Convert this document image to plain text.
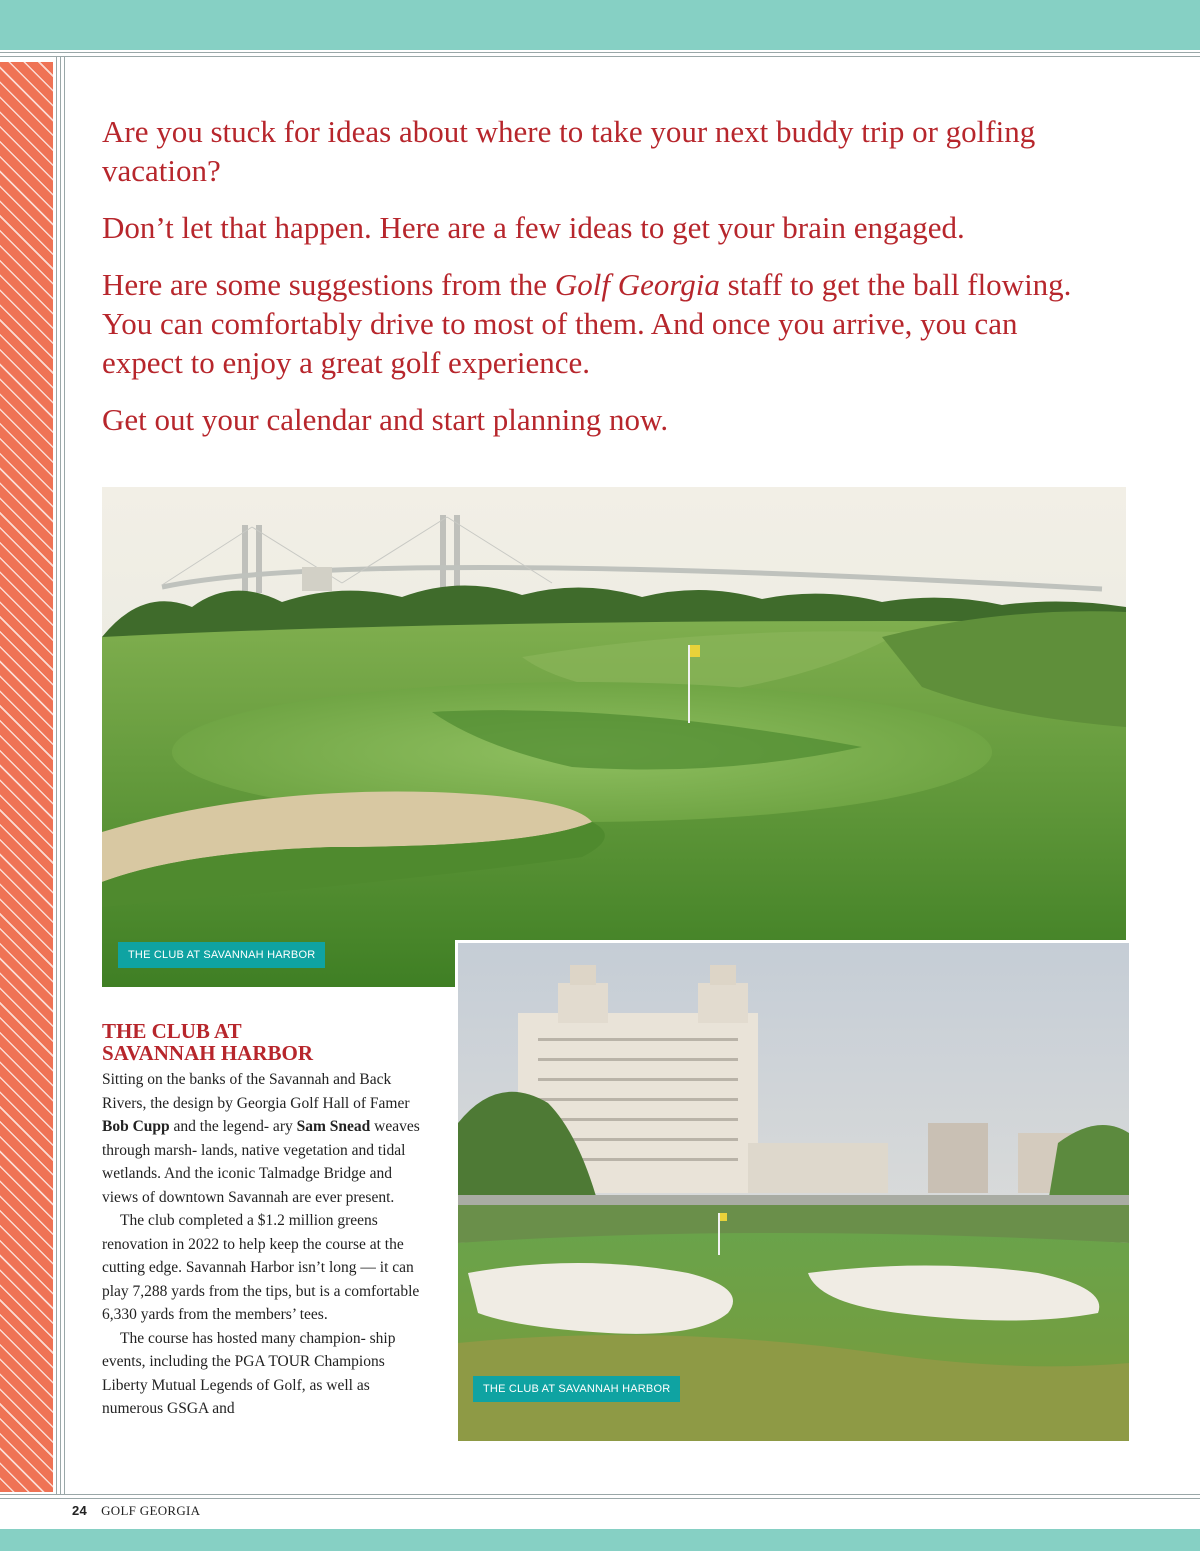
Are you stuck for ideas about where to take your next buddy trip or golfing vacation?

Don’t let that happen. Here are a few ideas to get your brain engaged.

Here are some suggestions from the Golf Georgia staff to get the ball flowing. You can comfortably drive to most of them. And once you arrive, you can expect to enjoy a great golf experience.

Get out your calendar and start planning now.

THE CLUB AT SAVANNAH HARBOR
THE CLUB AT SAVANNAH HARBOR
THE CLUB AT
SAVANNAH HARBOR

Sitting on the banks of the Savannah and Back Rivers, the design by Georgia Golf Hall of Famer Bob Cupp and the legend- ary Sam Snead weaves through marsh- lands, native vegetation and tidal wetlands. And the iconic Talmadge Bridge and views of downtown Savannah are ever present.

The club completed a $1.2 million greens renovation in 2022 to help keep the course at the cutting edge. Savannah Harbor isn’t long — it can play 7,288 yards from the tips, but is a comfortable 6,330 yards from the members’ tees.

The course has hosted many champion- ship events, including the PGA TOUR Champions Liberty Mutual Legends of Golf, as well as numerous GSGA and

24 GOLF GEORGIA
